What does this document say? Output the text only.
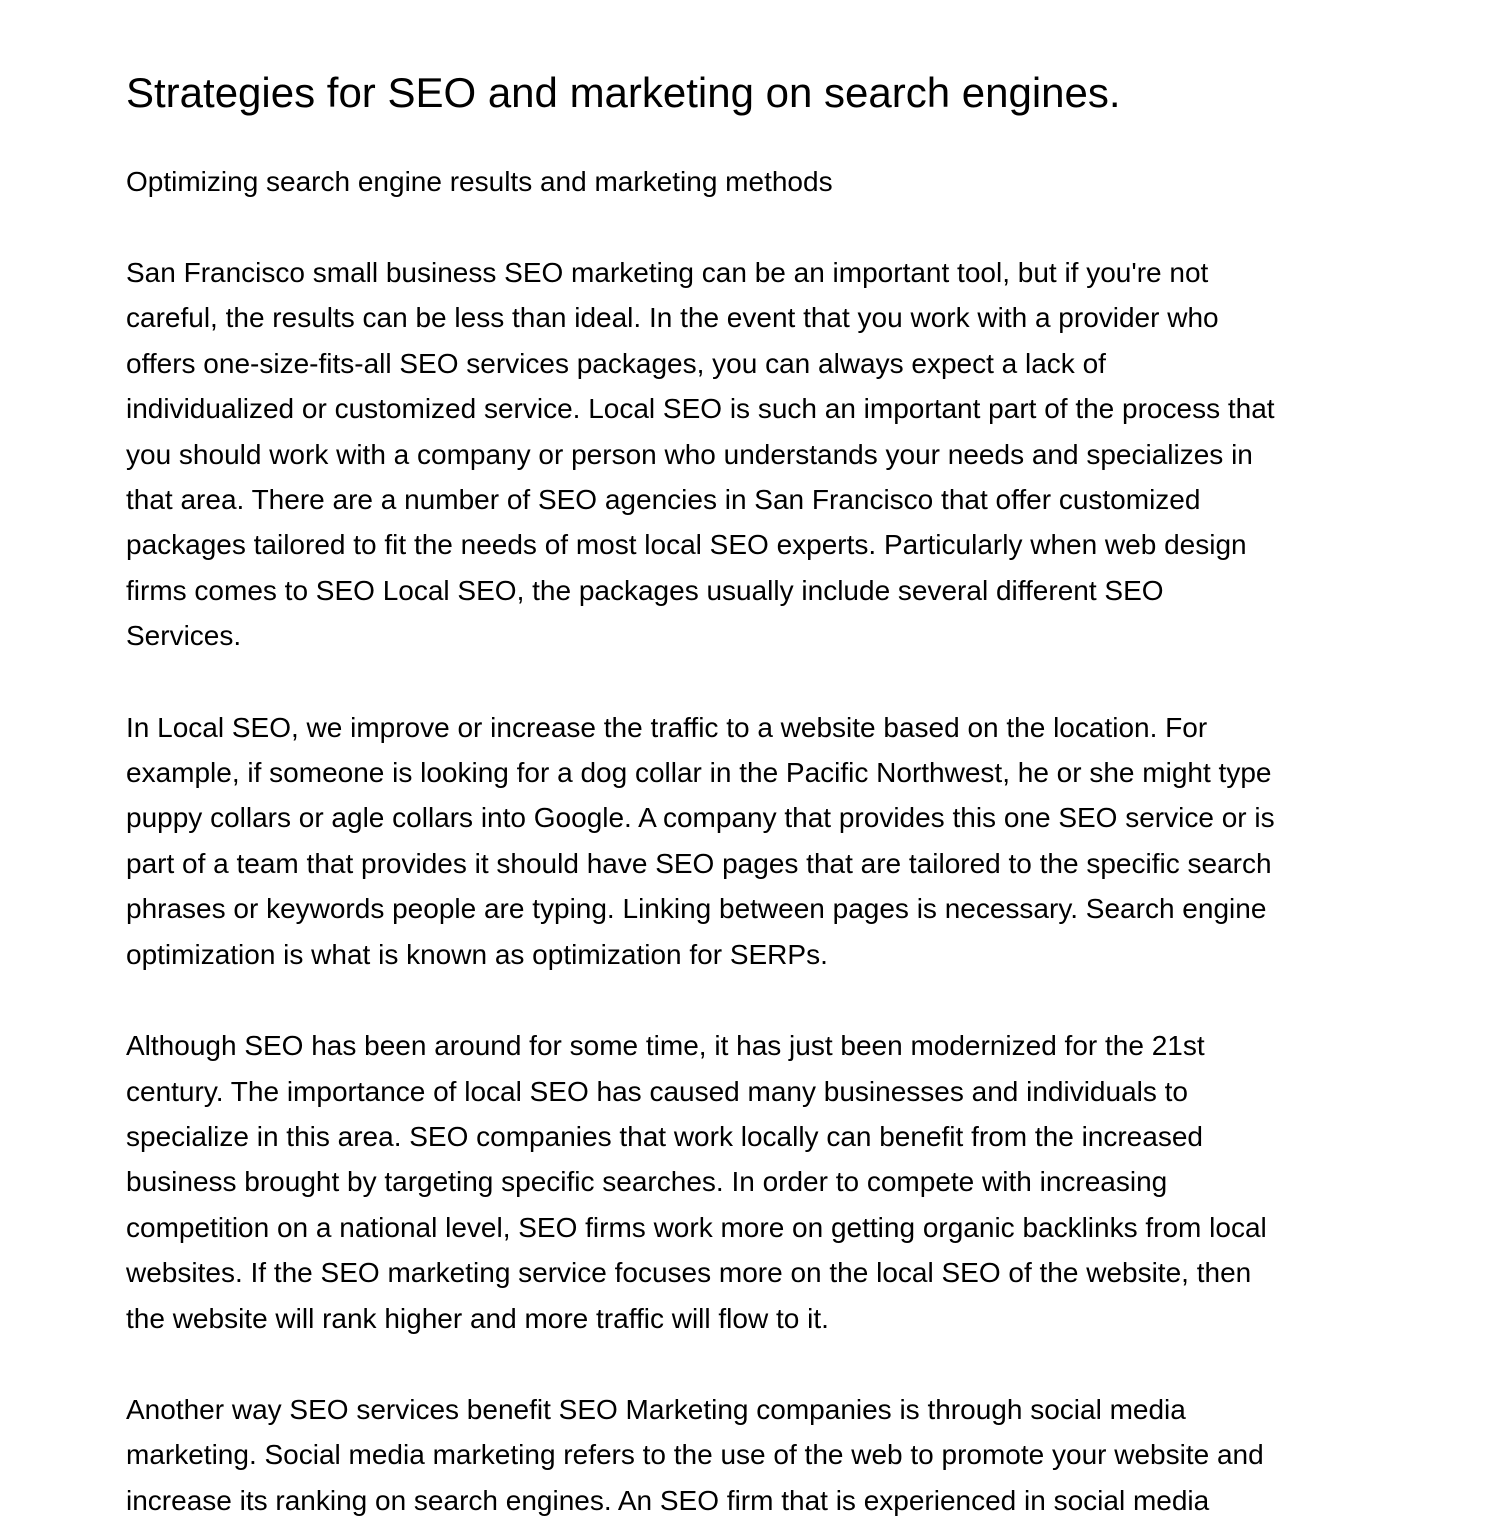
Strategies for SEO and marketing on search engines.

Optimizing search engine results and marketing methods

San Francisco small business SEO marketing can be an important tool, but if you're not
careful, the results can be less than ideal. In the event that you work with a provider who
offers one-size-fits-all SEO services packages, you can always expect a lack of
individualized or customized service. Local SEO is such an important part of the process that
you should work with a company or person who understands your needs and specializes in
that area. There are a number of SEO agencies in San Francisco that offer customized
packages tailored to fit the needs of most local SEO experts. Particularly when web design
firms comes to SEO Local SEO, the packages usually include several different SEO
Services.

In Local SEO, we improve or increase the traffic to a website based on the location. For
example, if someone is looking for a dog collar in the Pacific Northwest, he or she might type
puppy collars or agle collars into Google. A company that provides this one SEO service or is
part of a team that provides it should have SEO pages that are tailored to the specific search
phrases or keywords people are typing. Linking between pages is necessary. Search engine
optimization is what is known as optimization for SERPs.

Although SEO has been around for some time, it has just been modernized for the 21st
century. The importance of local SEO has caused many businesses and individuals to
specialize in this area. SEO companies that work locally can benefit from the increased
business brought by targeting specific searches. In order to compete with increasing
competition on a national level, SEO firms work more on getting organic backlinks from local
websites. If the SEO marketing service focuses more on the local SEO of the website, then
the website will rank higher and more traffic will flow to it.

Another way SEO services benefit SEO Marketing companies is through social media
marketing. Social media marketing refers to the use of the web to promote your website and
increase its ranking on search engines. An SEO firm that is experienced in social media
